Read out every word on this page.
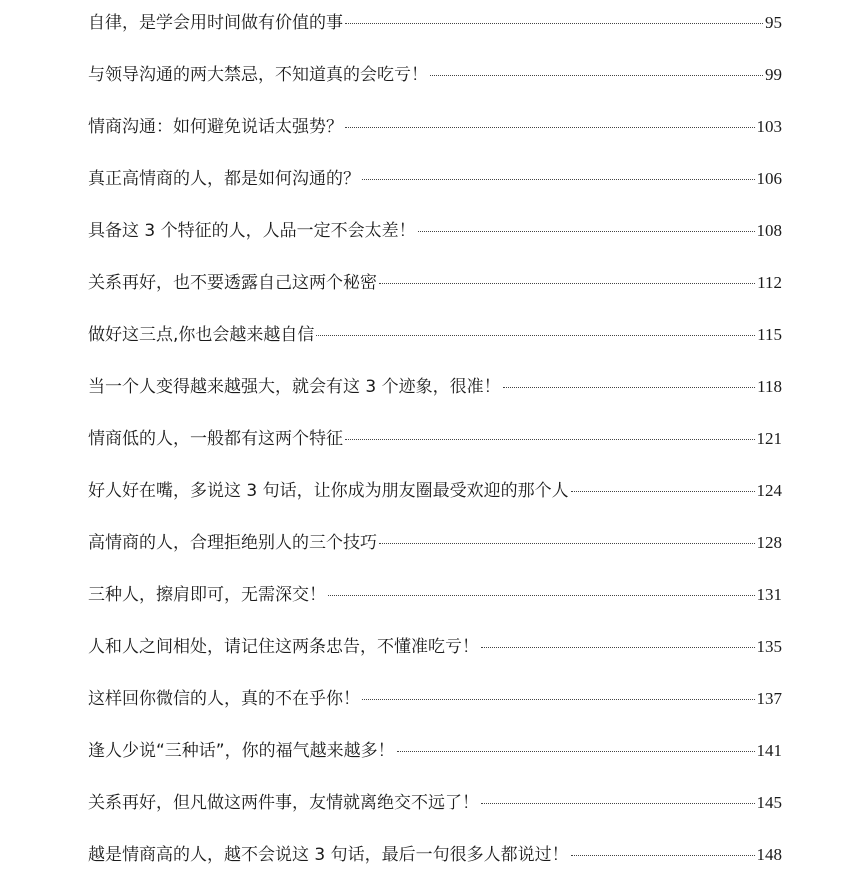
自律，是学会用时间做有价值的事	95
与领导沟通的两大禁忌，不知道真的会吃亏！	99
情商沟通：如何避免说话太强势？	103
真正高情商的人，都是如何沟通的？	106
具备这 3 个特征的人，人品一定不会太差！	108
关系再好，也不要透露自己这两个秘密	112
做好这三点,你也会越来越自信	115
当一个人变得越来越强大，就会有这 3 个迹象，很准！	118
情商低的人，一般都有这两个特征	121
好人好在嘴，多说这 3 句话，让你成为朋友圈最受欢迎的那个人	124
高情商的人，合理拒绝别人的三个技巧	128
三种人，擦肩即可，无需深交！	131
人和人之间相处，请记住这两条忠告，不懂准吃亏！	135
这样回你微信的人，真的不在乎你！	137
逢人少说“三种话”，你的福气越来越多！	141
关系再好，但凡做这两件事，友情就离绝交不远了！	145
越是情商高的人，越不会说这 3 句话，最后一句很多人都说过！	148
